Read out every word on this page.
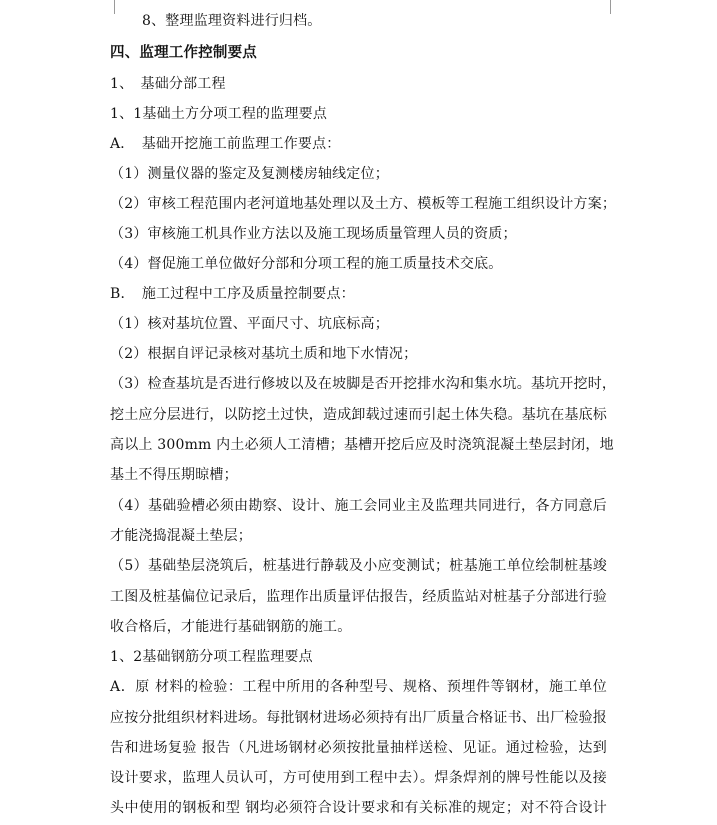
8、整理监理资料进行归档。
四、监理工作控制要点
1、　基础分部工程
1、1基础土方分项工程的监理要点
A．　基础开挖施工前监理工作要点：
（1）测量仪器的鉴定及复测楼房轴线定位；
（2）审核工程范围内老河道地基处理以及土方、模板等工程施工组织设计方案；
（3）审核施工机具作业方法以及施工现场质量管理人员的资质；
（4）督促施工单位做好分部和分项工程的施工质量技术交底。
B．　施工过程中工序及质量控制要点：
（1）核对基坑位置、平面尺寸、坑底标高；
（2）根据自评记录核对基坑土质和地下水情况；
（3）检查基坑是否进行修坡以及在坡脚是否开挖排水沟和集水坑。基坑开挖时，
挖土应分层进行，以防挖土过快，造成卸载过速而引起土体失稳。基坑在基底标
高以上 300mm 内土必须人工清槽；基槽开挖后应及时浇筑混凝土垫层封闭，地
基土不得压期晾槽；
（4）基础验槽必须由勘察、设计、施工会同业主及监理共同进行，各方同意后
才能浇捣混凝土垫层；
（5）基础垫层浇筑后，桩基进行静载及小应变测试；桩基施工单位绘制桩基竣
工图及桩基偏位记录后，监理作出质量评估报告，经质监站对桩基子分部进行验
收合格后，才能进行基础钢筋的施工。
1、2基础钢筋分项工程监理要点
A．原 材料的检验：工程中所用的各种型号、规格、预埋件等钢材，施工单位
应按分批组织材料进场。每批钢材进场必须持有出厂质量合格证书、出厂检验报
告和进场复验 报告（凡进场钢材必须按批量抽样送检、见证。通过检验，达到
设计要求，监理人员认可，方可使用到工程中去）。焊条焊剂的牌号性能以及接
头中使用的钢板和型 钢均必须符合设计要求和有关标准的规定；对不符合设计
